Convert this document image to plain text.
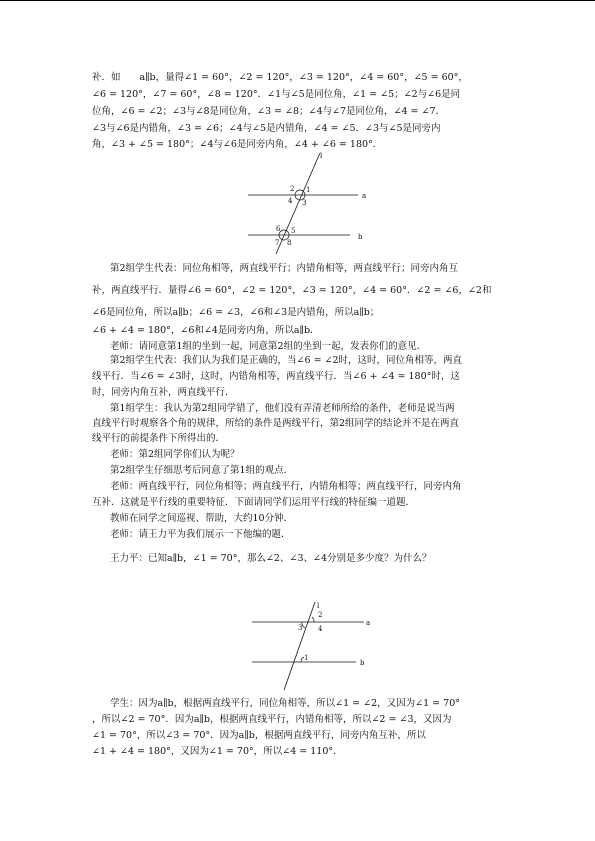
补．如　　a∥b，量得∠1 = 60°，∠2 = 120°，∠3 = 120°，∠4 = 60°，∠5 = 60°，
∠6 = 120°，∠7 = 60°，∠8 = 120°．∠1与∠5是同位角，∠1 = ∠5；∠2与∠6是同
位角，∠6 = ∠2；∠3与∠8是同位角，∠3 = ∠8；∠4与∠7是同位角，∠4 = ∠7．
∠3与∠6是内错角，∠3 = ∠6；∠4与∠5是内错角，∠4 = ∠5．∠3与∠5是同旁内
角，∠3 + ∠5 = 180°；∠4与∠6是同旁内角，∠4 + ∠6 = 180°．
l
a
b
1
2
3
4
5
6
7 8
第2组学生代表：同位角相等，两直线平行；内错角相等，两直线平行；同旁内角互
补，两直线平行．量得∠6 = 60°，∠2 = 120°，∠3 = 120°，∠4 = 60°．∠2 = ∠6，∠2和
∠6是同位角，所以a∥b；∠6 = ∠3，∠6和∠3是内错角，所以a∥b；
∠6 + ∠4 = 180°，∠6和∠4是同旁内角，所以a∥b．
老师：请同意第1组的坐到一起，同意第2组的坐到一起，发表你们的意见．
第2组学生代表：我们认为我们是正确的，当∠6 = ∠2时，这时，同位角相等，两直
线平行．当∠6 = ∠3时，这时，内错角相等，两直线平行．当∠6 + ∠4 = 180°时，这
时，同旁内角互补，两直线平行．
第1组学生：我认为第2组同学错了，他们没有弄清老师所给的条件，老师是说当两
直线平行时观察各个角的规律，所给的条件是两线平行，第2组同学的结论并不是在两直
线平行的前提条件下所得出的．
老师：第2组同学你们认为呢？
第2组学生仔细思考后同意了第1组的观点．
老师：两直线平行，同位角相等；两直线平行，内错角相等；两直线平行，同旁内角
互补．这就是平行线的重要特征．下面请同学们运用平行线的特征编一道题．
教师在同学之间巡视、帮助，大约10分钟．
老师：请王力平为我们展示一下他编的题．
王力平：已知a∥b，∠1 = 70°，那么∠2、∠3、∠4分别是多少度？为什么？
l
a
b
2
3 4
1
学生：因为a∥b，根据两直线平行，同位角相等，所以∠1 = ∠2，又因为∠1 = 70°
，所以∠2 = 70°．因为a∥b，根据两直线平行，内错角相等，所以∠2 = ∠3，又因为
∠1 = 70°，所以∠3 = 70°．因为a∥b，根据两直线平行，同旁内角互补，所以
∠1 + ∠4 = 180°，又因为∠1 = 70°，所以∠4 = 110°．
